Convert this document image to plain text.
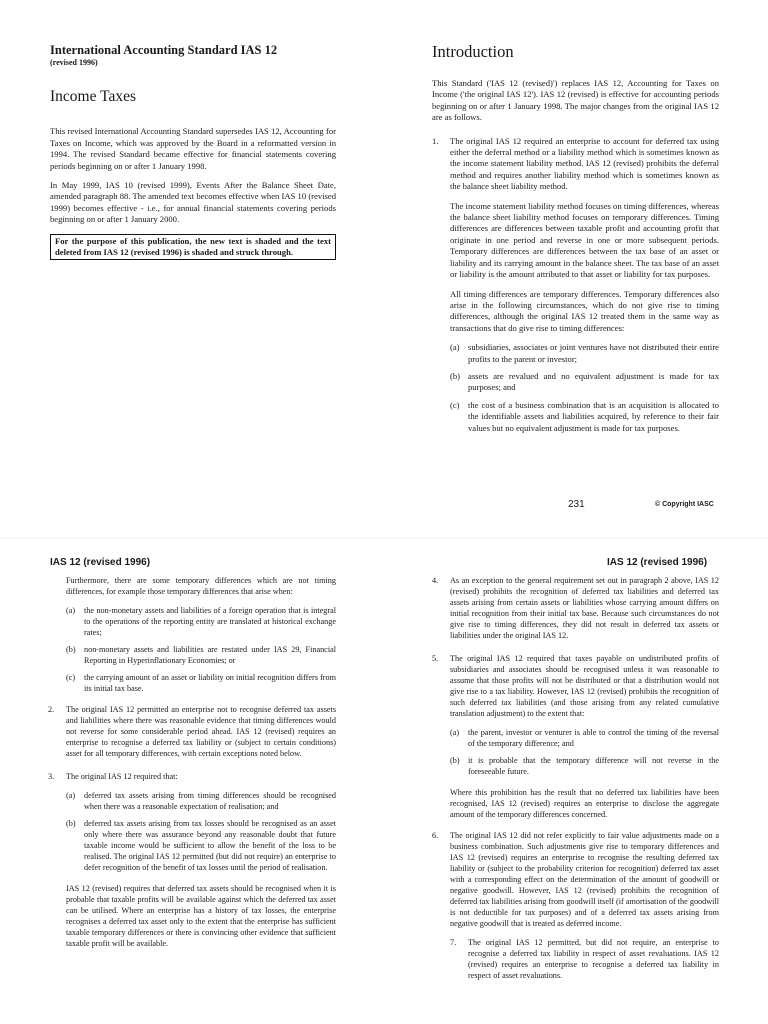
International Accounting Standard IAS 12
(revised 1996)
Income Taxes

This revised International Accounting Standard supersedes IAS 12, Accounting for Taxes on Income, which was approved by the Board in a reformatted version in 1994. The revised Standard became effective for financial statements covering periods beginning on or after 1 January 1998.

In May 1999, IAS 10 (revised 1999), Events After the Balance Sheet Date, amended paragraph 88. The amended text becomes effective when IAS 10 (revised 1999) becomes effective - i.e., for annual financial statements covering periods beginning on or after 1 January 2000.

For the purpose of this publication, the new text is shaded and the text deleted from IAS 12 (revised 1996) is shaded and struck through.
Introduction

This Standard ('IAS 12 (revised)') replaces IAS 12, Accounting for Taxes on Income ('the original IAS 12'). IAS 12 (revised) is effective for accounting periods beginning on or after 1 January 1998. The major changes from the original IAS 12 are as follows.

1.	The original IAS 12 required an enterprise to account for deferred tax using either the deferral method or a liability method which is sometimes known as the income statement liability method. IAS 12 (revised) prohibits the deferral method and requires another liability method which is sometimes known as the balance sheet liability method.

The income statement liability method focuses on timing differences, whereas the balance sheet liability method focuses on temporary differences. Timing differences are differences between taxable profit and accounting profit that originate in one period and reverse in one or more subsequent periods. Temporary differences are differences between the tax base of an asset or liability and its carrying amount in the balance sheet. The tax base of an asset or liability is the amount attributed to that asset or liability for tax purposes.

All timing differences are temporary differences. Temporary differences also arise in the following circumstances, which do not give rise to timing differences, although the original IAS 12 treated them in the same way as transactions that do give rise to timing differences:

(a) subsidiaries, associates or joint ventures have not distributed their entire profits to the parent or investor;
(b) assets are revalued and no equivalent adjustment is made for tax purposes; and
(c) the cost of a business combination that is an acquisition is allocated to the identifiable assets and liabilities acquired, by reference to their fair values but no equivalent adjustment is made for tax purposes.
231	© Copyright IASC
IAS 12 (revised 1996)	IAS 12 (revised 1996)

Furthermore, there are some temporary differences which are not timing differences, for example those temporary differences that arise when:

(a)	the non-monetary assets and liabilities of a foreign operation that is integral to the operations of the reporting entity are translated at historical exchange rates;
(b)	non-monetary assets and liabilities are restated under IAS 29, Financial Reporting in Hyperinflationary Economies; or
(c)	the carrying amount of an asset or liability on initial recognition differs from its initial tax base.
2.	The original IAS 12 permitted an enterprise not to recognise deferred tax assets and liabilities where there was reasonable evidence that timing differences would not reverse for some considerable period ahead. IAS 12 (revised) requires an enterprise to recognise a deferred tax liability or (subject to certain conditions) asset for all temporary differences, with certain exceptions noted below.
3.	The original IAS 12 required that:
(a)	deferred tax assets arising from timing differences should be recognised when there was a reasonable expectation of realisation; and
(b)	deferred tax assets arising from tax losses should be recognised as an asset only where there was assurance beyond any reasonable doubt that future taxable income would be sufficient to allow the benefit of the loss to be realised. The original IAS 12 permitted (but did not require) an enterprise to defer recognition of the benefit of tax losses until the period of realisation.

IAS 12 (revised) requires that deferred tax assets should be recognised when it is probable that taxable profits will be available against which the deferred tax asset can be utilised. Where an enterprise has a history of tax losses, the enterprise recognises a deferred tax asset only to the extent that the enterprise has sufficient taxable temporary differences or there is convincing other evidence that sufficient taxable profit will be available.

4.	As an exception to the general requirement set out in paragraph 2 above, IAS 12 (revised) prohibits the recognition of deferred tax liabilities and deferred tax assets arising from certain assets or liabilities whose carrying amount differs on initial recognition from their initial tax base. Because such circumstances do not give rise to timing differences, they did not result in deferred tax assets or liabilities under the original IAS 12.
5.	The original IAS 12 required that taxes payable on undistributed profits of subsidiaries and associates should be recognised unless it was reasonable to assume that those profits will not be distributed or that a distribution would not give rise to a tax liability. However, IAS 12 (revised) prohibits the recognition of such deferred tax liabilities (and those arising from any related cumulative translation adjustment) to the extent that:
(a)	the parent, investor or venturer is able to control the timing of the reversal of the temporary difference; and
(b)	it is probable that the temporary difference will not reverse in the foreseeable future.

Where this prohibition has the result that no deferred tax liabilities have been recognised, IAS 12 (revised) requires an enterprise to disclose the aggregate amount of the temporary differences concerned.

6.	The original IAS 12 did not refer explicitly to fair value adjustments made on a business combination. Such adjustments give rise to temporary differences and IAS 12 (revised) requires an enterprise to recognise the resulting deferred tax liability or (subject to the probability criterion for recognition) deferred tax asset with a corresponding effect on the determination of the amount of goodwill or negative goodwill. However, IAS 12 (revised) prohibits the recognition of deferred tax liabilities arising from goodwill itself (if amortisation of the goodwill is not deductible for tax purposes) and of a deferred tax assets arising from negative goodwill that is treated as deferred income.
7.	The original IAS 12 permitted, but did not require, an enterprise to recognise a deferred tax liability in respect of asset revaluations. IAS 12 (revised) requires an enterprise to recognise a deferred tax liability in respect of asset revaluations.
